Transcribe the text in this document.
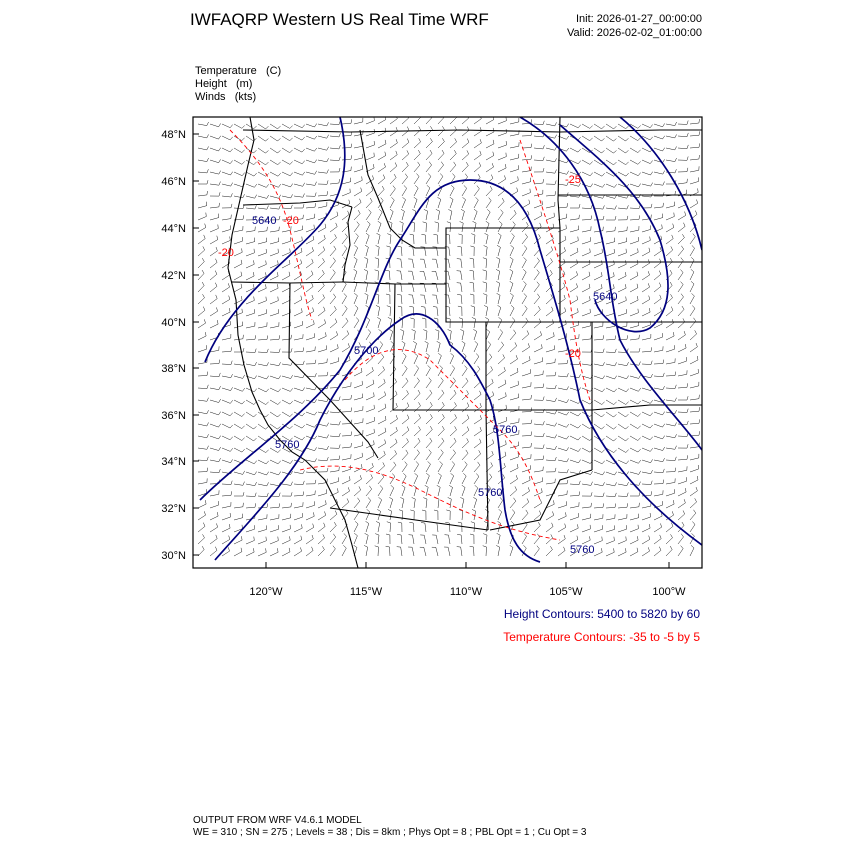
IWFAQRP Western US Real Time WRF	Init: 2026-01-27_00:00:00
Valid: 2026-02-02_01:00:00
Temperature (C)
Height (m)
Winds (kts)
5640
5640
5700
5760
5760
5760
5760
-20
-20
-25
-20
48°N
46°N
44°N
42°N
40°N
38°N
36°N
34°N
32°N
30°N
120°W	115°W	110°W	105°W	100°W
Height Contours: 5400 to 5820 by 60
Temperature Contours: -35 to -5 by 5
OUTPUT FROM WRF V4.6.1 MODEL
WE = 310 ; SN = 275 ; Levels = 38 ; Dis = 8km ; Phys Opt = 8 ; PBL Opt = 1 ; Cu Opt = 3
